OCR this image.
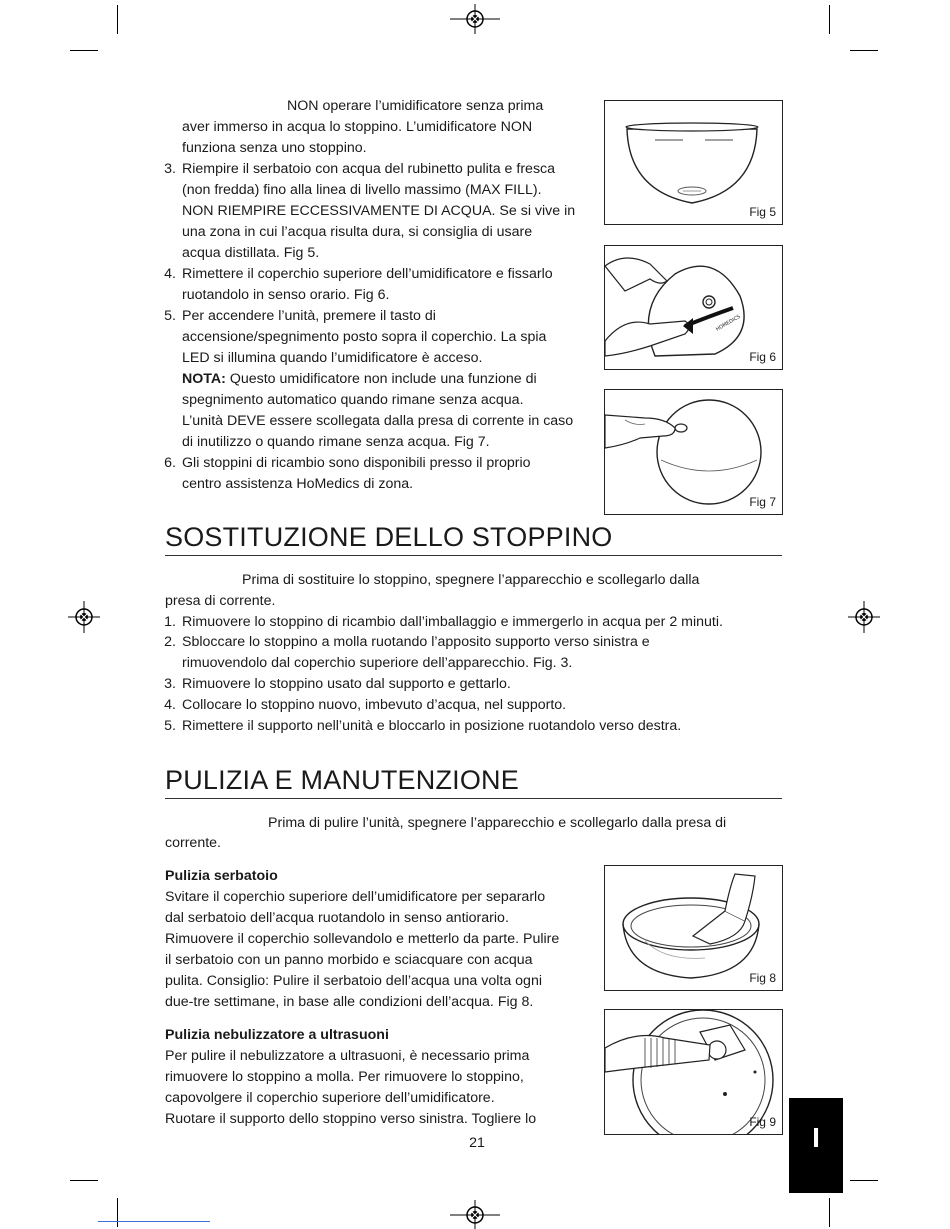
NON operare l’umidificatore senza prima
aver immerso in acqua lo stoppino. L’umidificatore NON
funziona senza uno stoppino.
3. Riempire il serbatoio con acqua del rubinetto pulita e fresca
(non fredda) fino alla linea di livello massimo (MAX FILL).
NON RIEMPIRE ECCESSIVAMENTE DI ACQUA. Se si vive in
una zona in cui l’acqua risulta dura, si consiglia di usare
acqua distillata. Fig 5.
4. Rimettere il coperchio superiore dell’umidificatore e fissarlo
ruotandolo in senso orario. Fig 6.
5. Per accendere l’unità, premere il tasto di
accensione/spegnimento posto sopra il coperchio. La spia
LED si illumina quando l’umidificatore è acceso.
NOTA: Questo umidificatore non include una funzione di
spegnimento automatico quando rimane senza acqua.
L’unità DEVE essere scollegata dalla presa di corrente in caso
di inutilizzo o quando rimane senza acqua. Fig 7.
6. Gli stoppini di ricambio sono disponibili presso il proprio
centro assistenza HoMedics di zona.
Fig 5
HOMEDICS
Fig 6
Fig 7
SOSTITUZIONE DELLO STOPPINO
Prima di sostituire lo stoppino, spegnere l’apparecchio e scollegarlo dalla
presa di corrente.
1. Rimuovere lo stoppino di ricambio dall’imballaggio e immergerlo in acqua per 2 minuti.
2. Sbloccare lo stoppino a molla ruotando l’apposito supporto verso sinistra e
rimuovendolo dal coperchio superiore dell’apparecchio. Fig. 3.
3. Rimuovere lo stoppino usato dal supporto e gettarlo.
4. Collocare lo stoppino nuovo, imbevuto d’acqua, nel supporto.
5. Rimettere il supporto nell’unità e bloccarlo in posizione ruotandolo verso destra.
PULIZIA E MANUTENZIONE
Prima di pulire l’unità, spegnere l’apparecchio e scollegarlo dalla presa di
corrente.
Pulizia serbatoio
Svitare il coperchio superiore dell’umidificatore per separarlo
dal serbatoio dell’acqua ruotandolo in senso antiorario.
Rimuovere il coperchio sollevandolo e metterlo da parte. Pulire
il serbatoio con un panno morbido e sciacquare con acqua
pulita. Consiglio: Pulire il serbatoio dell’acqua una volta ogni
due-tre settimane, in base alle condizioni dell’acqua. Fig 8.
Pulizia nebulizzatore a ultrasuoni
Per pulire il nebulizzatore a ultrasuoni, è necessario prima
rimuovere lo stoppino a molla. Per rimuovere lo stoppino,
capovolgere il coperchio superiore dell’umidificatore.
Ruotare il supporto dello stoppino verso sinistra. Togliere lo
Fig 8
Fig 9
21	I
